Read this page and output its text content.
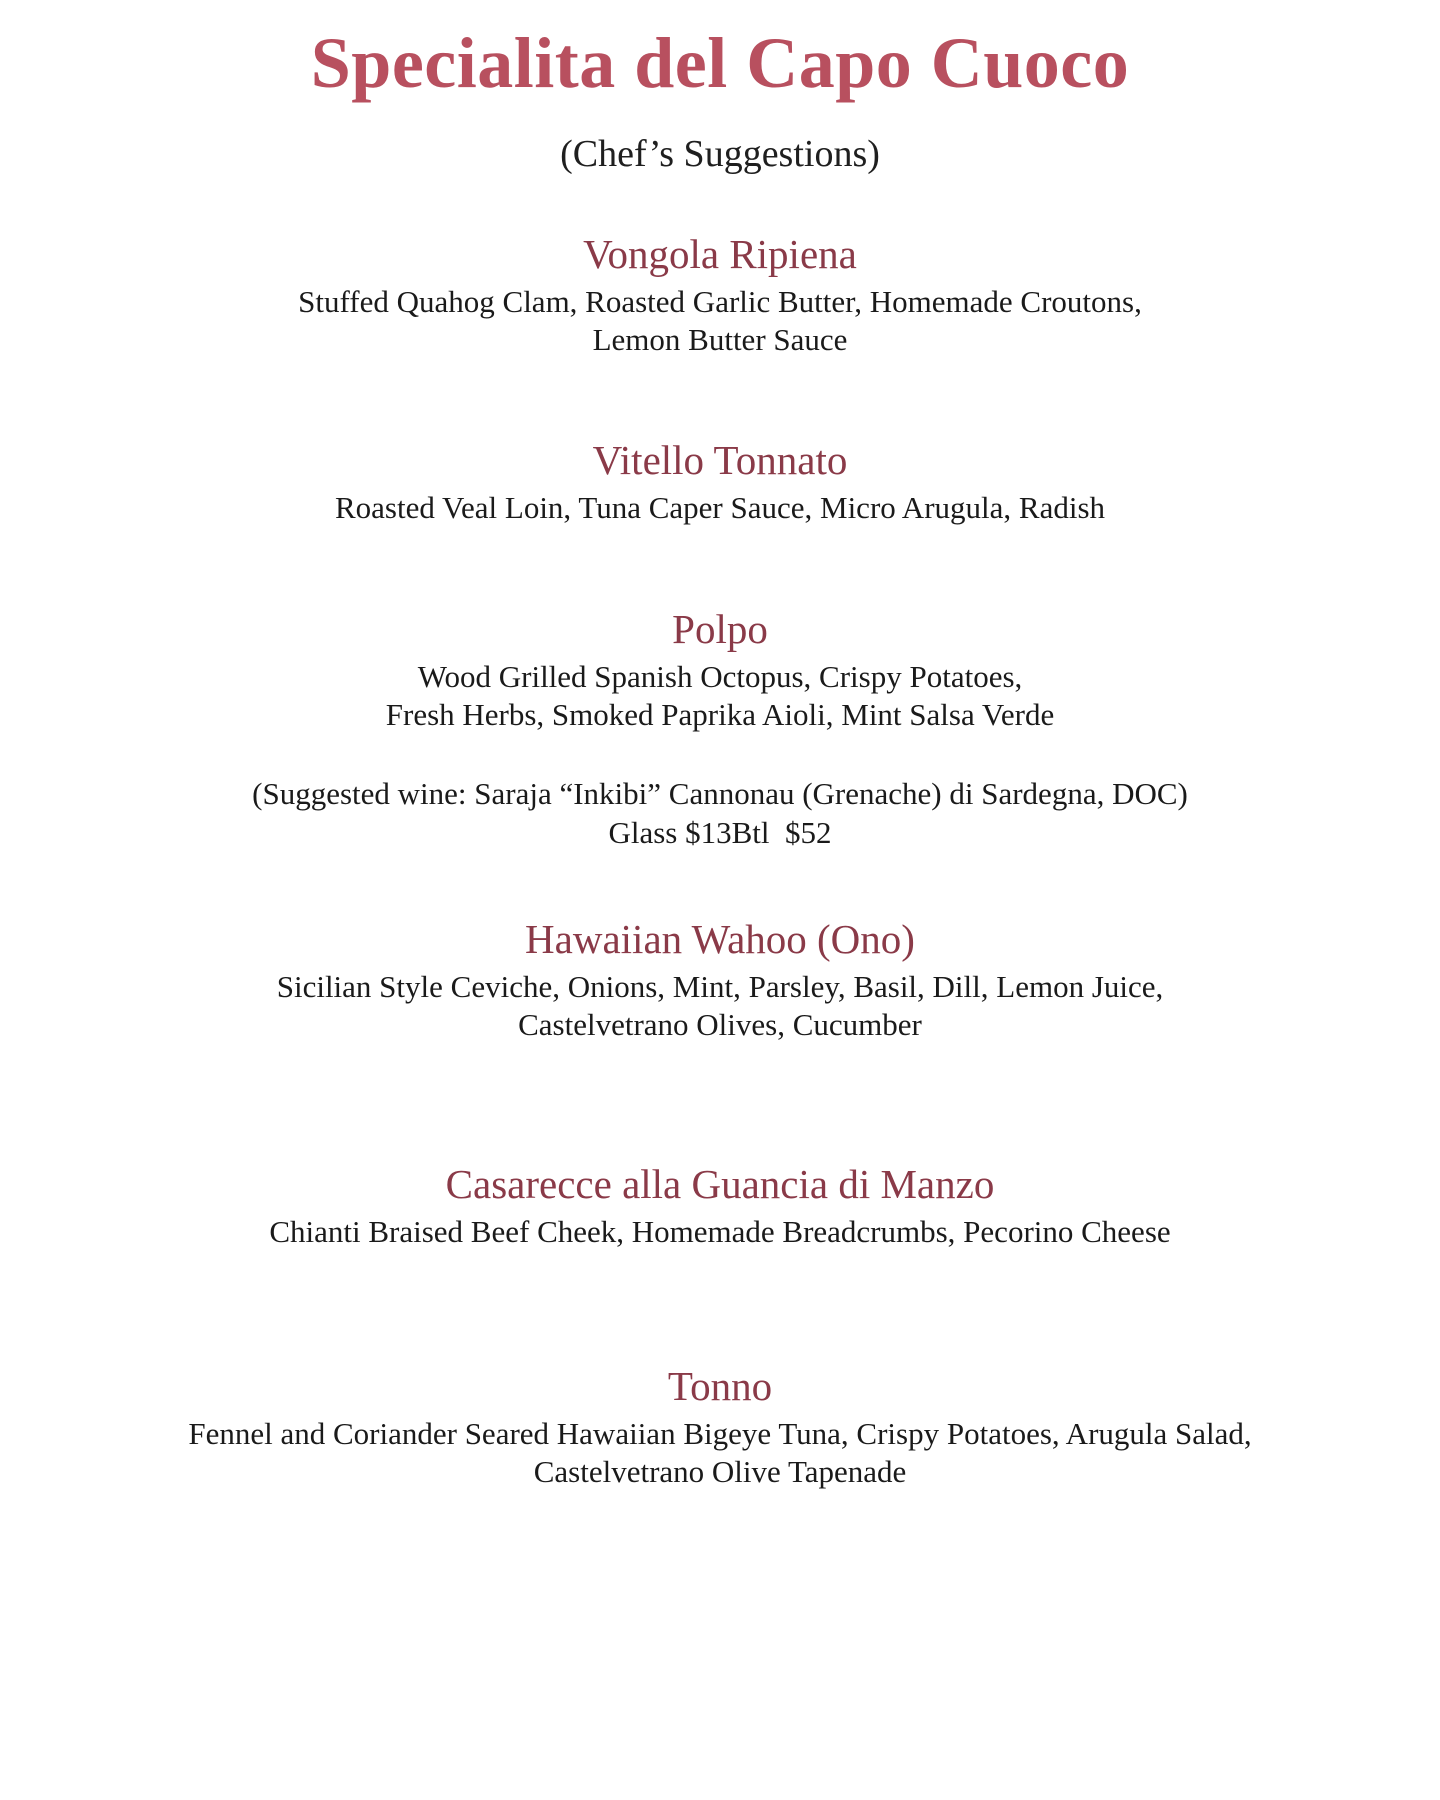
Specialita del Capo Cuoco
(Chef’s Suggestions)
Vongola Ripiena
Stuffed Quahog Clam, Roasted Garlic Butter, Homemade Croutons,
Lemon Butter Sauce
Vitello Tonnato
Roasted Veal Loin, Tuna Caper Sauce, Micro Arugula, Radish
Polpo
Wood Grilled Spanish Octopus, Crispy Potatoes,
Fresh Herbs, Smoked Paprika Aioli, Mint Salsa Verde
(Suggested wine: Saraja “Inkibi” Cannonau (Grenache) di Sardegna, DOC)
Glass $13Btl  $52
Hawaiian Wahoo (Ono)
Sicilian Style Ceviche, Onions, Mint, Parsley, Basil, Dill, Lemon Juice,
Castelvetrano Olives, Cucumber
Casarecce alla Guancia di Manzo
Chianti Braised Beef Cheek, Homemade Breadcrumbs, Pecorino Cheese
Tonno
Fennel and Coriander Seared Hawaiian Bigeye Tuna, Crispy Potatoes, Arugula Salad,
Castelvetrano Olive Tapenade
